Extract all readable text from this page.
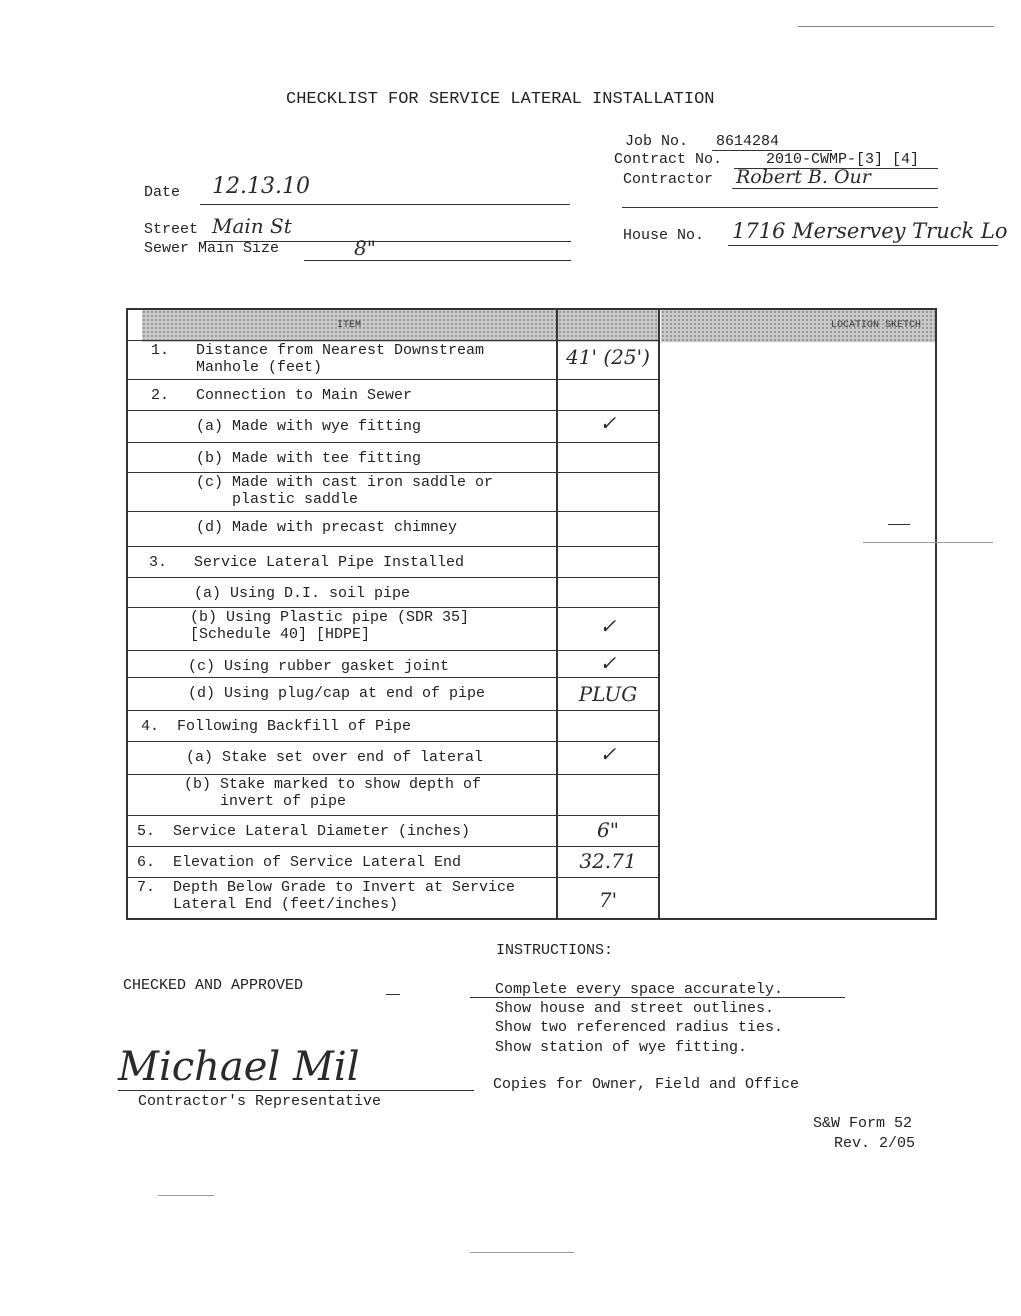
CHECKLIST FOR SERVICE LATERAL INSTALLATION
Job No. 8614284
Contract No.	2010-CWMP-[3] [4]
Contractor Robert B. Our
Date 12.13.10
Street Main St
Sewer Main Size	8"
House No. 1716 Merservey Truck Lo
ITEM	LOCATION SKETCH
1.   Distance from Nearest Downstream
Manhole (feet)	41' (25')
2.   Connection to Main Sewer
(a) Made with wye fitting	✓
(b) Made with tee fitting
(c) Made with cast iron saddle or
plastic saddle
(d) Made with precast chimney
3.   Service Lateral Pipe Installed
(a) Using D.I. soil pipe
(b) Using Plastic pipe (SDR 35]
[Schedule 40] [HDPE]	✓
(c) Using rubber gasket joint	✓
(d) Using plug/cap at end of pipe	PLUG
4.  Following Backfill of Pipe
(a) Stake set over end of lateral	✓
(b) Stake marked to show depth of
invert of pipe
5.  Service Lateral Diameter (inches)	6"
6.  Elevation of Service Lateral End	32.71
7.  Depth Below Grade to Invert at Service
Lateral End (feet/inches)	7'
INSTRUCTIONS:
Complete every space accurately.
Show house and street outlines.
Show two referenced radius ties.
Show station of wye fitting.
Copies for Owner, Field and Office
CHECKED AND APPROVED
Michael Mil
Contractor's Representative
S&W Form 52
Rev. 2/05
